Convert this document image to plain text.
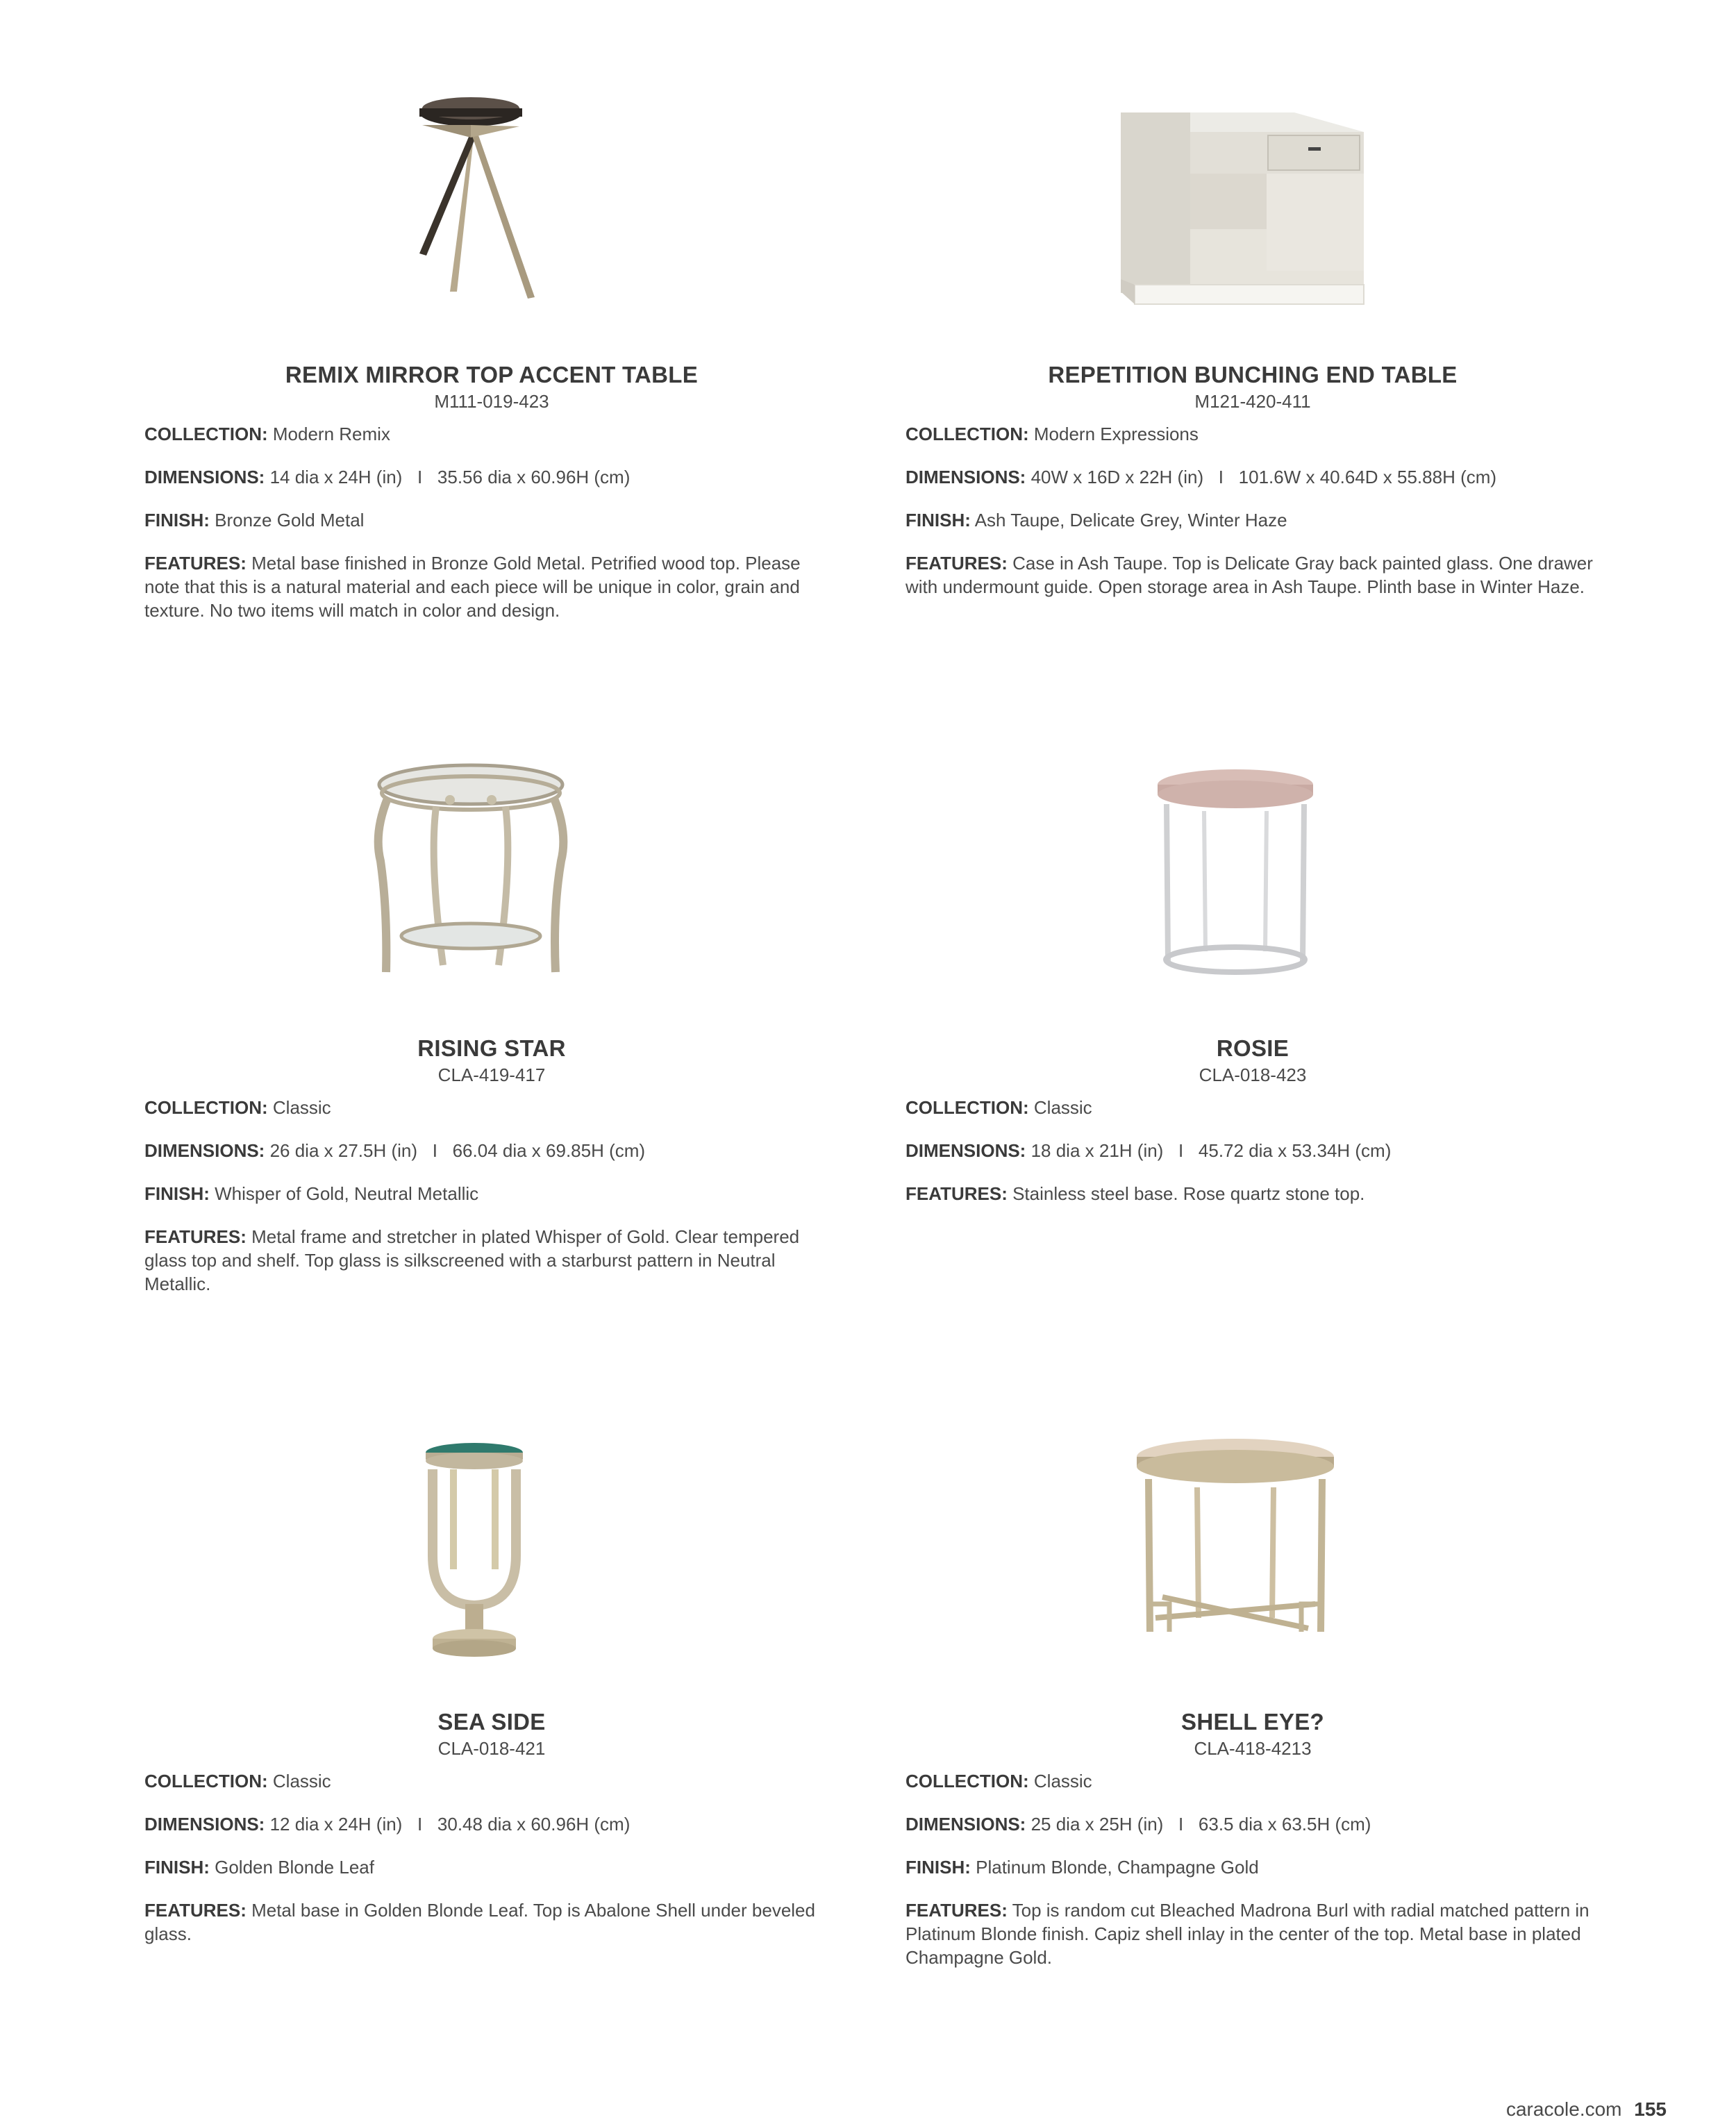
REMIX MIRROR TOP ACCENT TABLE
M111-019-423
COLLECTION: Modern Remix
DIMENSIONS: 14 dia x 24H (in)   I   35.56 dia x 60.96H (cm)
FINISH: Bronze Gold Metal
FEATURES: Metal base finished in Bronze Gold Metal. Petrified wood top. Please note that this is a natural material and each piece will be unique in color, grain and texture. No two items will match in color and design.
REPETITION BUNCHING END TABLE
M121-420-411
COLLECTION: Modern Expressions
DIMENSIONS: 40W x 16D x 22H (in)   I   101.6W x 40.64D x 55.88H (cm)
FINISH: Ash Taupe, Delicate Grey, Winter Haze
FEATURES: Case in Ash Taupe. Top is Delicate Gray back painted glass. One drawer with undermount guide. Open storage area in Ash Taupe. Plinth base in Winter Haze.
RISING STAR
CLA-419-417
COLLECTION: Classic
DIMENSIONS: 26 dia x 27.5H (in)   I   66.04 dia x 69.85H (cm)
FINISH: Whisper of Gold, Neutral Metallic
FEATURES: Metal frame and stretcher in plated Whisper of Gold. Clear tempered glass top and shelf. Top glass is silkscreened with a starburst pattern in Neutral Metallic.
ROSIE
CLA-018-423
COLLECTION: Classic
DIMENSIONS: 18 dia x 21H (in)   I   45.72 dia x 53.34H (cm)
FEATURES: Stainless steel base. Rose quartz stone top.
SEA SIDE
CLA-018-421
COLLECTION: Classic
DIMENSIONS: 12 dia x 24H (in)   I   30.48 dia x 60.96H (cm)
FINISH: Golden Blonde Leaf
FEATURES: Metal base in Golden Blonde Leaf. Top is Abalone Shell under beveled glass.
SHELL EYE?
CLA-418-4213
COLLECTION: Classic
DIMENSIONS: 25 dia x 25H (in)   I   63.5 dia x 63.5H (cm)
FINISH: Platinum Blonde, Champagne Gold
FEATURES: Top is random cut Bleached Madrona Burl with radial matched pattern in Platinum Blonde finish. Capiz shell inlay in the center of the top. Metal base in plated Champagne Gold.
caracole.com 155
